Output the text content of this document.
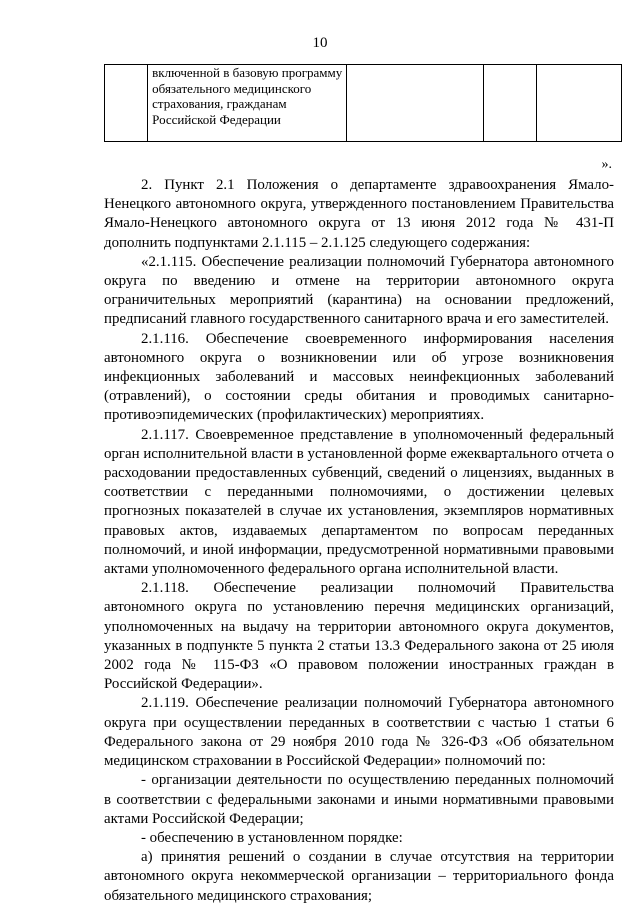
10
	включенной в базовую программу обязательного медицинского страхования, гражданам Российской Федерации			
».

2. Пункт 2.1 Положения о департаменте здравоохранения Ямало-Ненецкого автономного округа, утвержденного постановлением Правительства Ямало-Ненецкого автономного округа от 13 июня 2012 года № 431-П дополнить подпунктами 2.1.115 – 2.1.125 следующего содержания:

«2.1.115. Обеспечение реализации полномочий Губернатора автономного округа по введению и отмене на территории автономного округа ограничительных мероприятий (карантина) на основании предложений, предписаний главного государственного санитарного врача и его заместителей.

2.1.116. Обеспечение своевременного информирования населения автономного округа о возникновении или об угрозе возникновения инфекционных заболеваний и массовых неинфекционных заболеваний (отравлений), о состоянии среды обитания и проводимых санитарно-противоэпидемических (профилактических) мероприятиях.

2.1.117. Своевременное представление в уполномоченный федеральный орган исполнительной власти в установленной форме ежеквартального отчета о расходовании предоставленных субвенций, сведений о лицензиях, выданных в соответствии с переданными полномочиями, о достижении целевых прогнозных показателей в случае их установления, экземпляров нормативных правовых актов, издаваемых департаментом по вопросам переданных полномочий, и иной информации, предусмотренной нормативными правовыми актами уполномоченного федерального органа исполнительной власти.

2.1.118. Обеспечение реализации полномочий Правительства автономного округа по установлению перечня медицинских организаций, уполномоченных на выдачу на территории автономного округа документов, указанных в подпункте 5 пункта 2 статьи 13.3 Федерального закона от 25 июля 2002 года № 115-ФЗ «О правовом положении иностранных граждан в Российской Федерации».

2.1.119. Обеспечение реализации полномочий Губернатора автономного округа при осуществлении переданных в соответствии с частью 1 статьи 6 Федерального закона от 29 ноября 2010 года № 326-ФЗ «Об обязательном медицинском страховании в Российской Федерации» полномочий по:

- организации деятельности по осуществлению переданных полномочий в соответствии с федеральными законами и иными нормативными правовыми актами Российской Федерации;

- обеспечению в установленном порядке:

а) принятия решений о создании в случае отсутствия на территории автономного округа некоммерческой организации – территориального фонда обязательного медицинского страхования;
